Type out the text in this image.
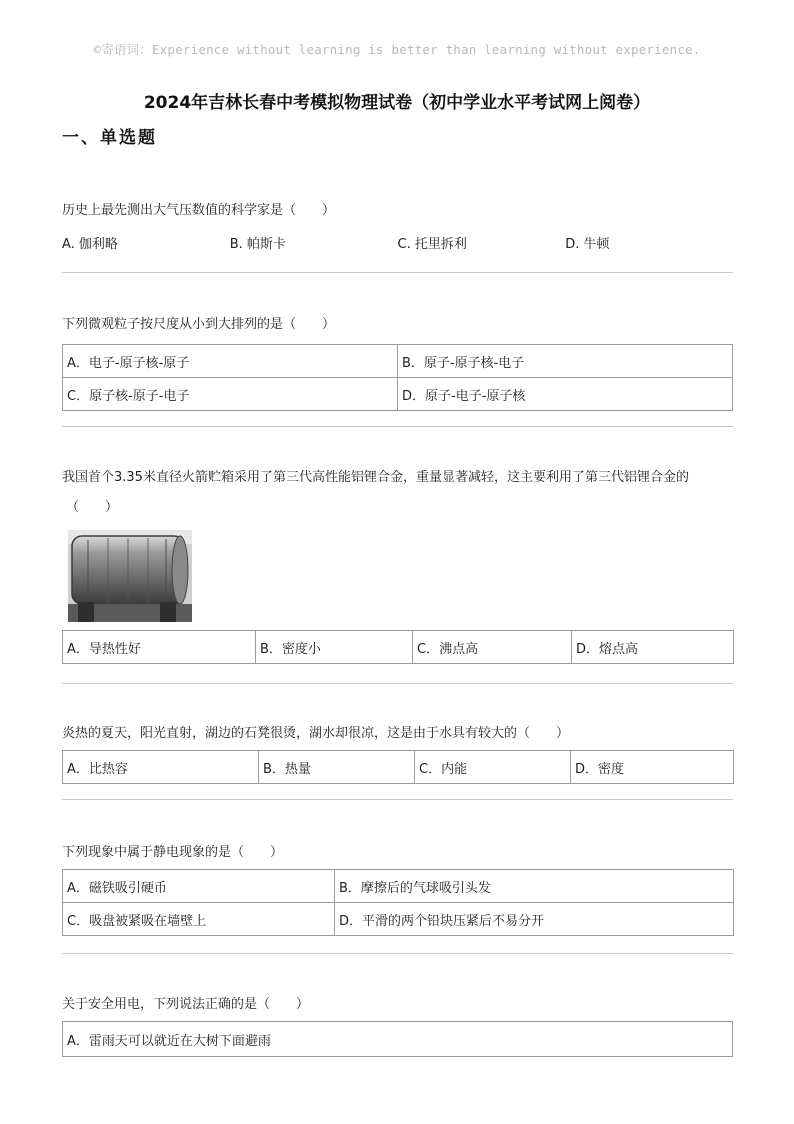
©寄语词：Experience without learning is better than learning without experience.
2024年吉林长春中考模拟物理试卷（初中学业水平考试网上阅卷）
一、单选题

历史上最先测出大气压数值的科学家是（　　）

A. 伽利略	B. 帕斯卡	C. 托里拆利	D. 牛顿

下列微观粒子按尺度从小到大排列的是（　　）

A．电子-原子核-原子	B．原子-原子核-电子
C．原子核-原子-电子	D．原子-电子-原子核

我国首个3.35米直径火箭贮箱采用了第三代高性能铝锂合金，重量显著减轻，这主要利用了第三代铝锂合金的

（　　）

A．导热性好	B．密度小	C．沸点高	D．熔点高

炎热的夏天，阳光直射，湖边的石凳很烫，湖水却很凉，这是由于水具有较大的（　　）

A．比热容	B．热量	C．内能	D．密度

下列现象中属于静电现象的是（　　）

A．磁铁吸引硬币	B．摩擦后的气球吸引头发
C．吸盘被紧吸在墙壁上	D．平滑的两个铅块压紧后不易分开

关于安全用电，下列说法正确的是（　　）

A．雷雨天可以就近在大树下面避雨
